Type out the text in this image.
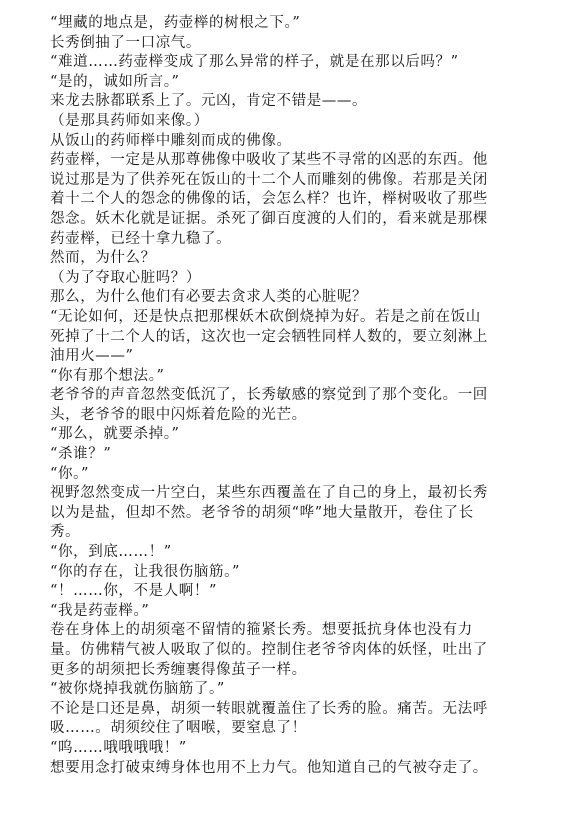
“埋藏的地点是，药壶榉的树根之下。”
长秀倒抽了一口凉气。
“难道……药壶榉变成了那么异常的样子，就是在那以后吗？”
“是的，诚如所言。”
来龙去脉都联系上了。元凶，肯定不错是——。
（是那具药师如来像。）
从饭山的药师榉中雕刻而成的佛像。
药壶榉，一定是从那尊佛像中吸收了某些不寻常的凶恶的东西。他
说过那是为了供养死在饭山的十二个人而雕刻的佛像。若那是关闭
着十二个人的怨念的佛像的话，会怎么样？也许，榉树吸收了那些
怨念。妖木化就是证据。杀死了御百度渡的人们的，看来就是那棵
药壶榉，已经十拿九稳了。
然而，为什么？
（为了夺取心脏吗？）
那么，为什么他们有必要去贪求人类的心脏呢？
“无论如何，还是快点把那棵妖木砍倒烧掉为好。若是之前在饭山
死掉了十二个人的话，这次也一定会牺牲同样人数的，要立刻淋上
油用火——”
“你有那个想法。”
老爷爷的声音忽然变低沉了，长秀敏感的察觉到了那个变化。一回
头，老爷爷的眼中闪烁着危险的光芒。
“那么，就要杀掉。”
“杀谁？”
“你。”
视野忽然变成一片空白，某些东西覆盖在了自己的身上，最初长秀
以为是盐，但却不然。老爷爷的胡须“哗”地大量散开，卷住了长
秀。
“你，到底……！”
“你的存在，让我很伤脑筋。”
“！……你，不是人啊！”
“我是药壶榉。”
卷在身体上的胡须毫不留情的箍紧长秀。想要抵抗身体也没有力
量。仿佛精气被人吸取了似的。控制住老爷爷肉体的妖怪，吐出了
更多的胡须把长秀缠裹得像茧子一样。
“被你烧掉我就伤脑筋了。”
不论是口还是鼻，胡须一转眼就覆盖住了长秀的脸。痛苦。无法呼
吸……。胡须绞住了咽喉，要窒息了！
“呜……哦哦哦哦！”
想要用念打破束缚身体也用不上力气。他知道自己的气被夺走了。
